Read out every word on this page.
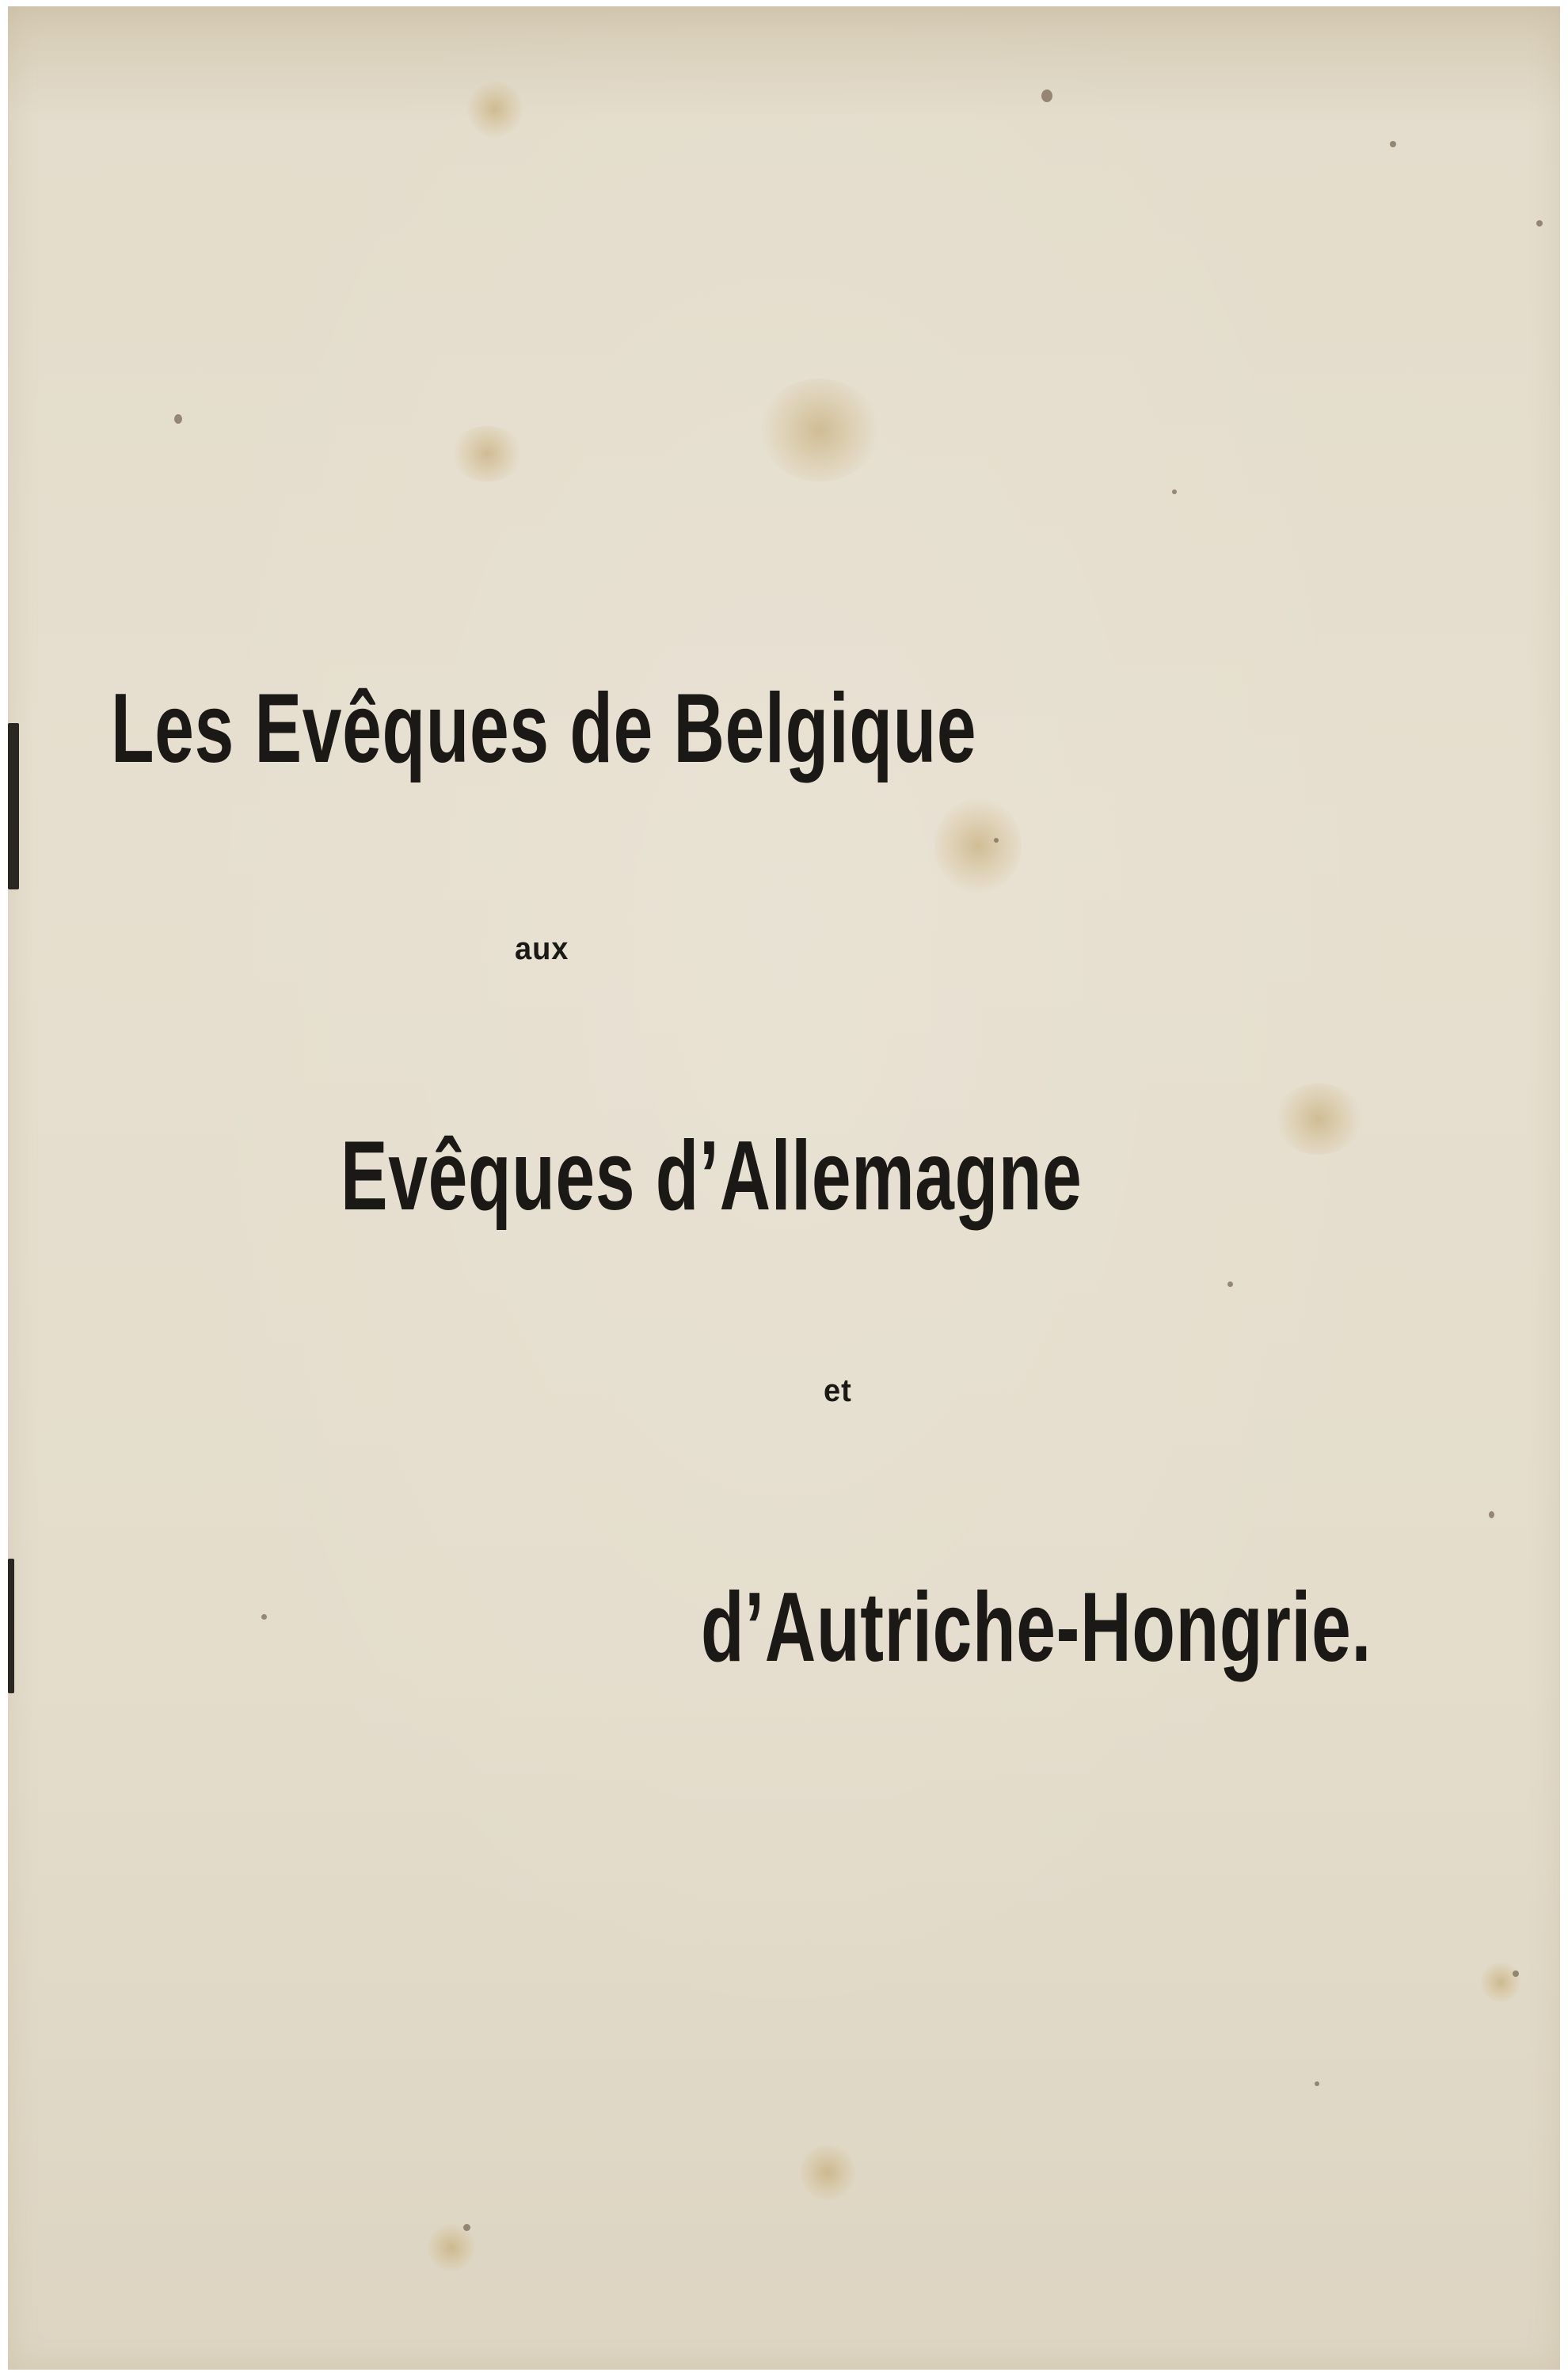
Les Evêques de Belgique

aux

Evêques d’Allemagne

et

d’Autriche-Hongrie.
